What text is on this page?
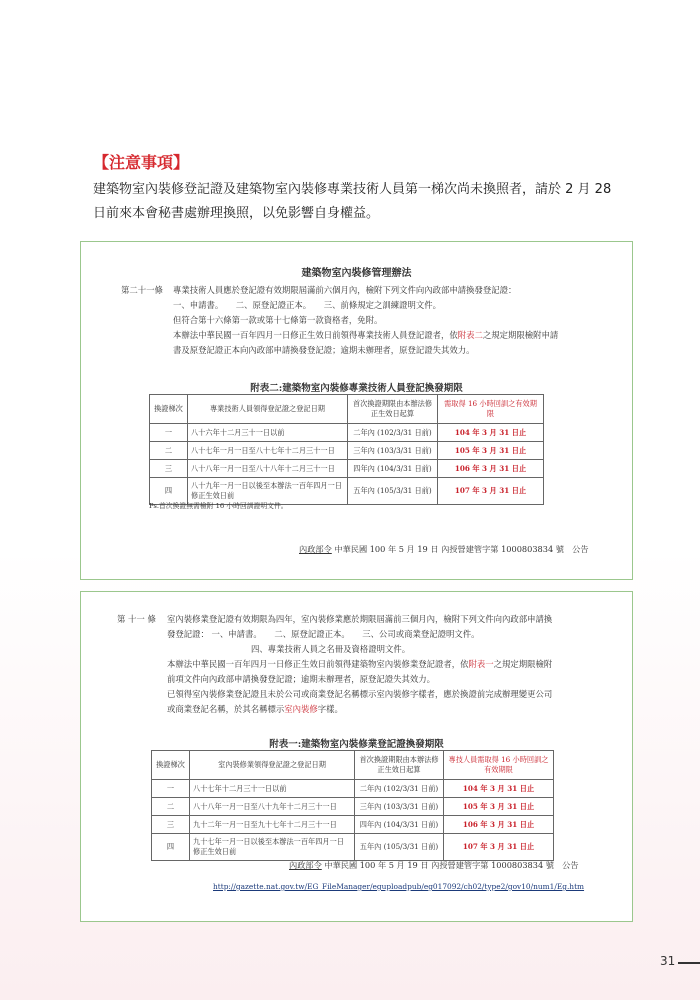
【注意事項】
建築物室內裝修登記證及建築物室內裝修專業技術人員第一梯次尚未換照者，請於 2 月 28
日前來本會秘書處辦理換照，以免影響自身權益。
建築物室內裝修管理辦法
第二十一條 專業技術人員應於登記證有效期限屆滿前六個月內，檢附下列文件向內政部申請換發登記證：
一、申請書。　　二、原登記證正本。　　三、前條規定之訓練證明文件。
但符合第十六條第一款或第十七條第一款資格者，免附。
本辦法中華民國一百年四月一日修正生效日前領得專業技術人員登記證者，依附表二之規定期限檢附申請
書及原登記證正本向內政部申請換發登記證；逾期未辦理者，原登記證失其效力。
附表二:建築物室內裝修專業技術人員登記換發期限
換證梯次	專業技術人員領得登記證之登記日期	首次換證期限由本辦法修正生效日起算	需取得 16 小時回訓之有效期限
一	八十六年十二月三十一日以前	二年內 (102/3/31 日前)	104 年 3 月 31 日止
二	八十七年一月一日至八十七年十二月三十一日	三年內 (103/3/31 日前)	105 年 3 月 31 日止
三	八十八年一月一日至八十八年十二月三十一日	四年內 (104/3/31 日前)	106 年 3 月 31 日止
四	八十九年一月一日以後至本辦法一百年四月一日修正生效日前	五年內 (105/3/31 日前)	107 年 3 月 31 日止
Ps.首次換證無需檢附 16 小時回訓證明文件。
內政部令 中華民國 100 年 5 月 19 日 內授營建管字第 1000803834 號　公告
第 十一 條 室內裝修業登記證有效期限為四年，室內裝修業應於期限屆滿前三個月內，檢附下列文件向內政部申請換
發登記證： 一、申請書。　　二、原登記證正本。　　三、公司或商業登記證明文件。
四、專業技術人員之名冊及資格證明文件。
本辦法中華民國一百年四月一日修正生效日前領得建築物室內裝修業登記證者，依附表一之規定期限檢附
前項文件向內政部申請換發登記證；逾期未辦理者，原登記證失其效力。
已領得室內裝修業登記證且未於公司或商業登記名稱標示室內裝修字樣者，應於換證前完成辦理變更公司
或商業登記名稱，於其名稱標示室內裝修字樣。
附表一:建築物室內裝修業登記證換發期限
換證梯次	室內裝修業領得登記證之登記日期	首次換證期限由本辦法修正生效日起算	專技人員需取得 16 小時回訓之有效期限
一	八十七年十二月三十一日以前	二年內 (102/3/31 日前)	104 年 3 月 31 日止
二	八十八年一月一日至八十九年十二月三十一日	三年內 (103/3/31 日前)	105 年 3 月 31 日止
三	九十二年一月一日至九十七年十二月三十一日	四年內 (104/3/31 日前)	106 年 3 月 31 日止
四	九十七年一月一日以後至本辦法一百年四月一日修正生效日前	五年內 (105/3/31 日前)	107 年 3 月 31 日止
內政部令 中華民國 100 年 5 月 19 日 內授營建管字第 1000803834 號　公告
http://gazette.nat.gov.tw/EG_FileManager/eguploadpub/eg017092/ch02/type2/gov10/num1/Eg.htm
31
